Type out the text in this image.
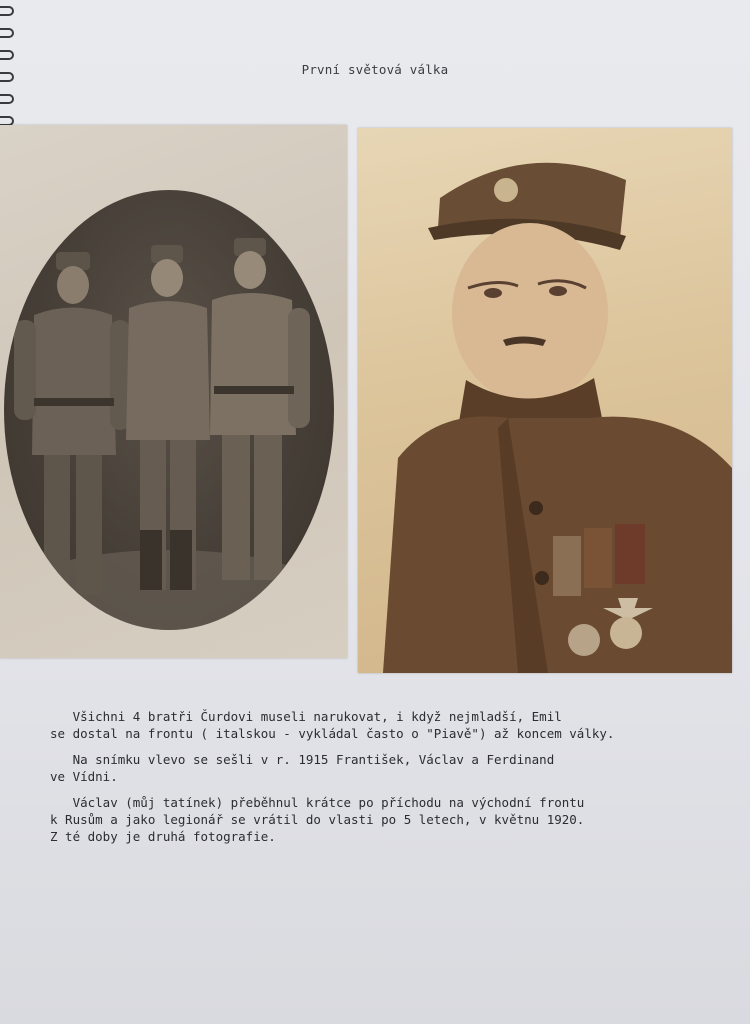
První světová válka

Všichni 4 bratři Čurdovi museli narukovat, i když nejmladší, Emil
se dostal na frontu ( italskou - vykládal často o "Piavě") až koncem války.

Na snímku vlevo se sešli v r. 1915 František, Václav a Ferdinand
ve Vídni.

Václav (můj tatínek) přeběhnul krátce po příchodu na východní frontu
k Rusům a jako legionář se vrátil do vlasti po 5 letech, v květnu 1920.
Z té doby je druhá fotografie.
